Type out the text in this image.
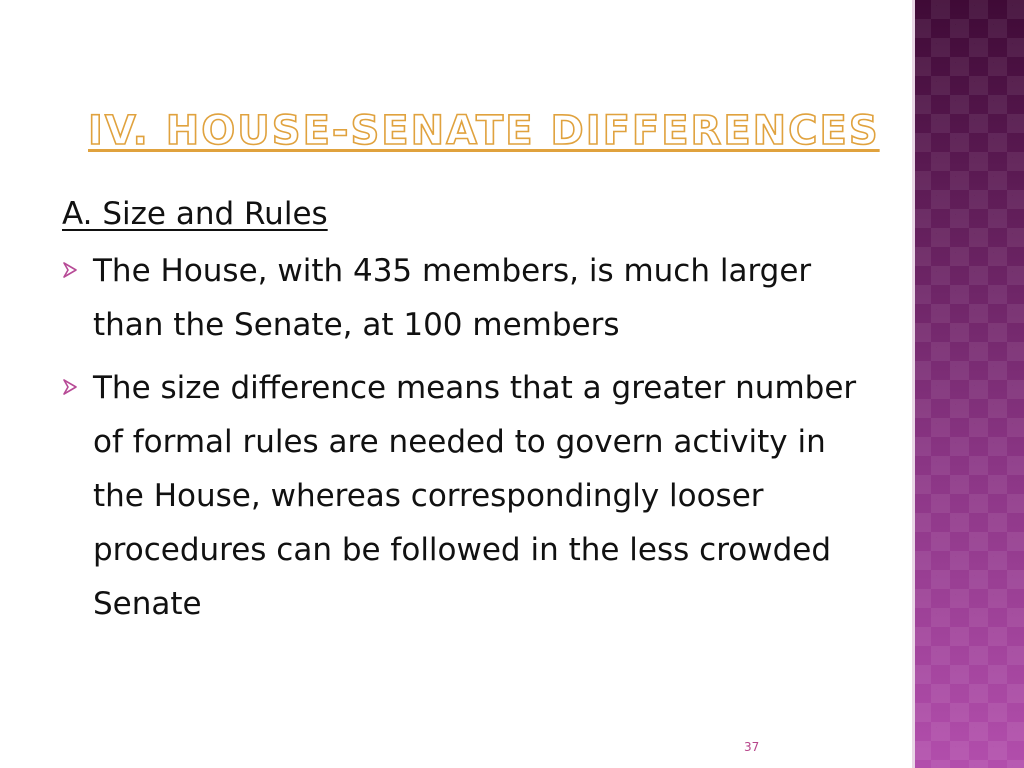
IV. HOUSE-SENATE DIFFERENCES
A. Size and Rules
The House, with 435 members, is much larger than the Senate, at 100 members
The size difference means that a greater number of formal rules are needed to govern activity in the House, whereas correspondingly looser procedures can be followed in the less crowded Senate
37
